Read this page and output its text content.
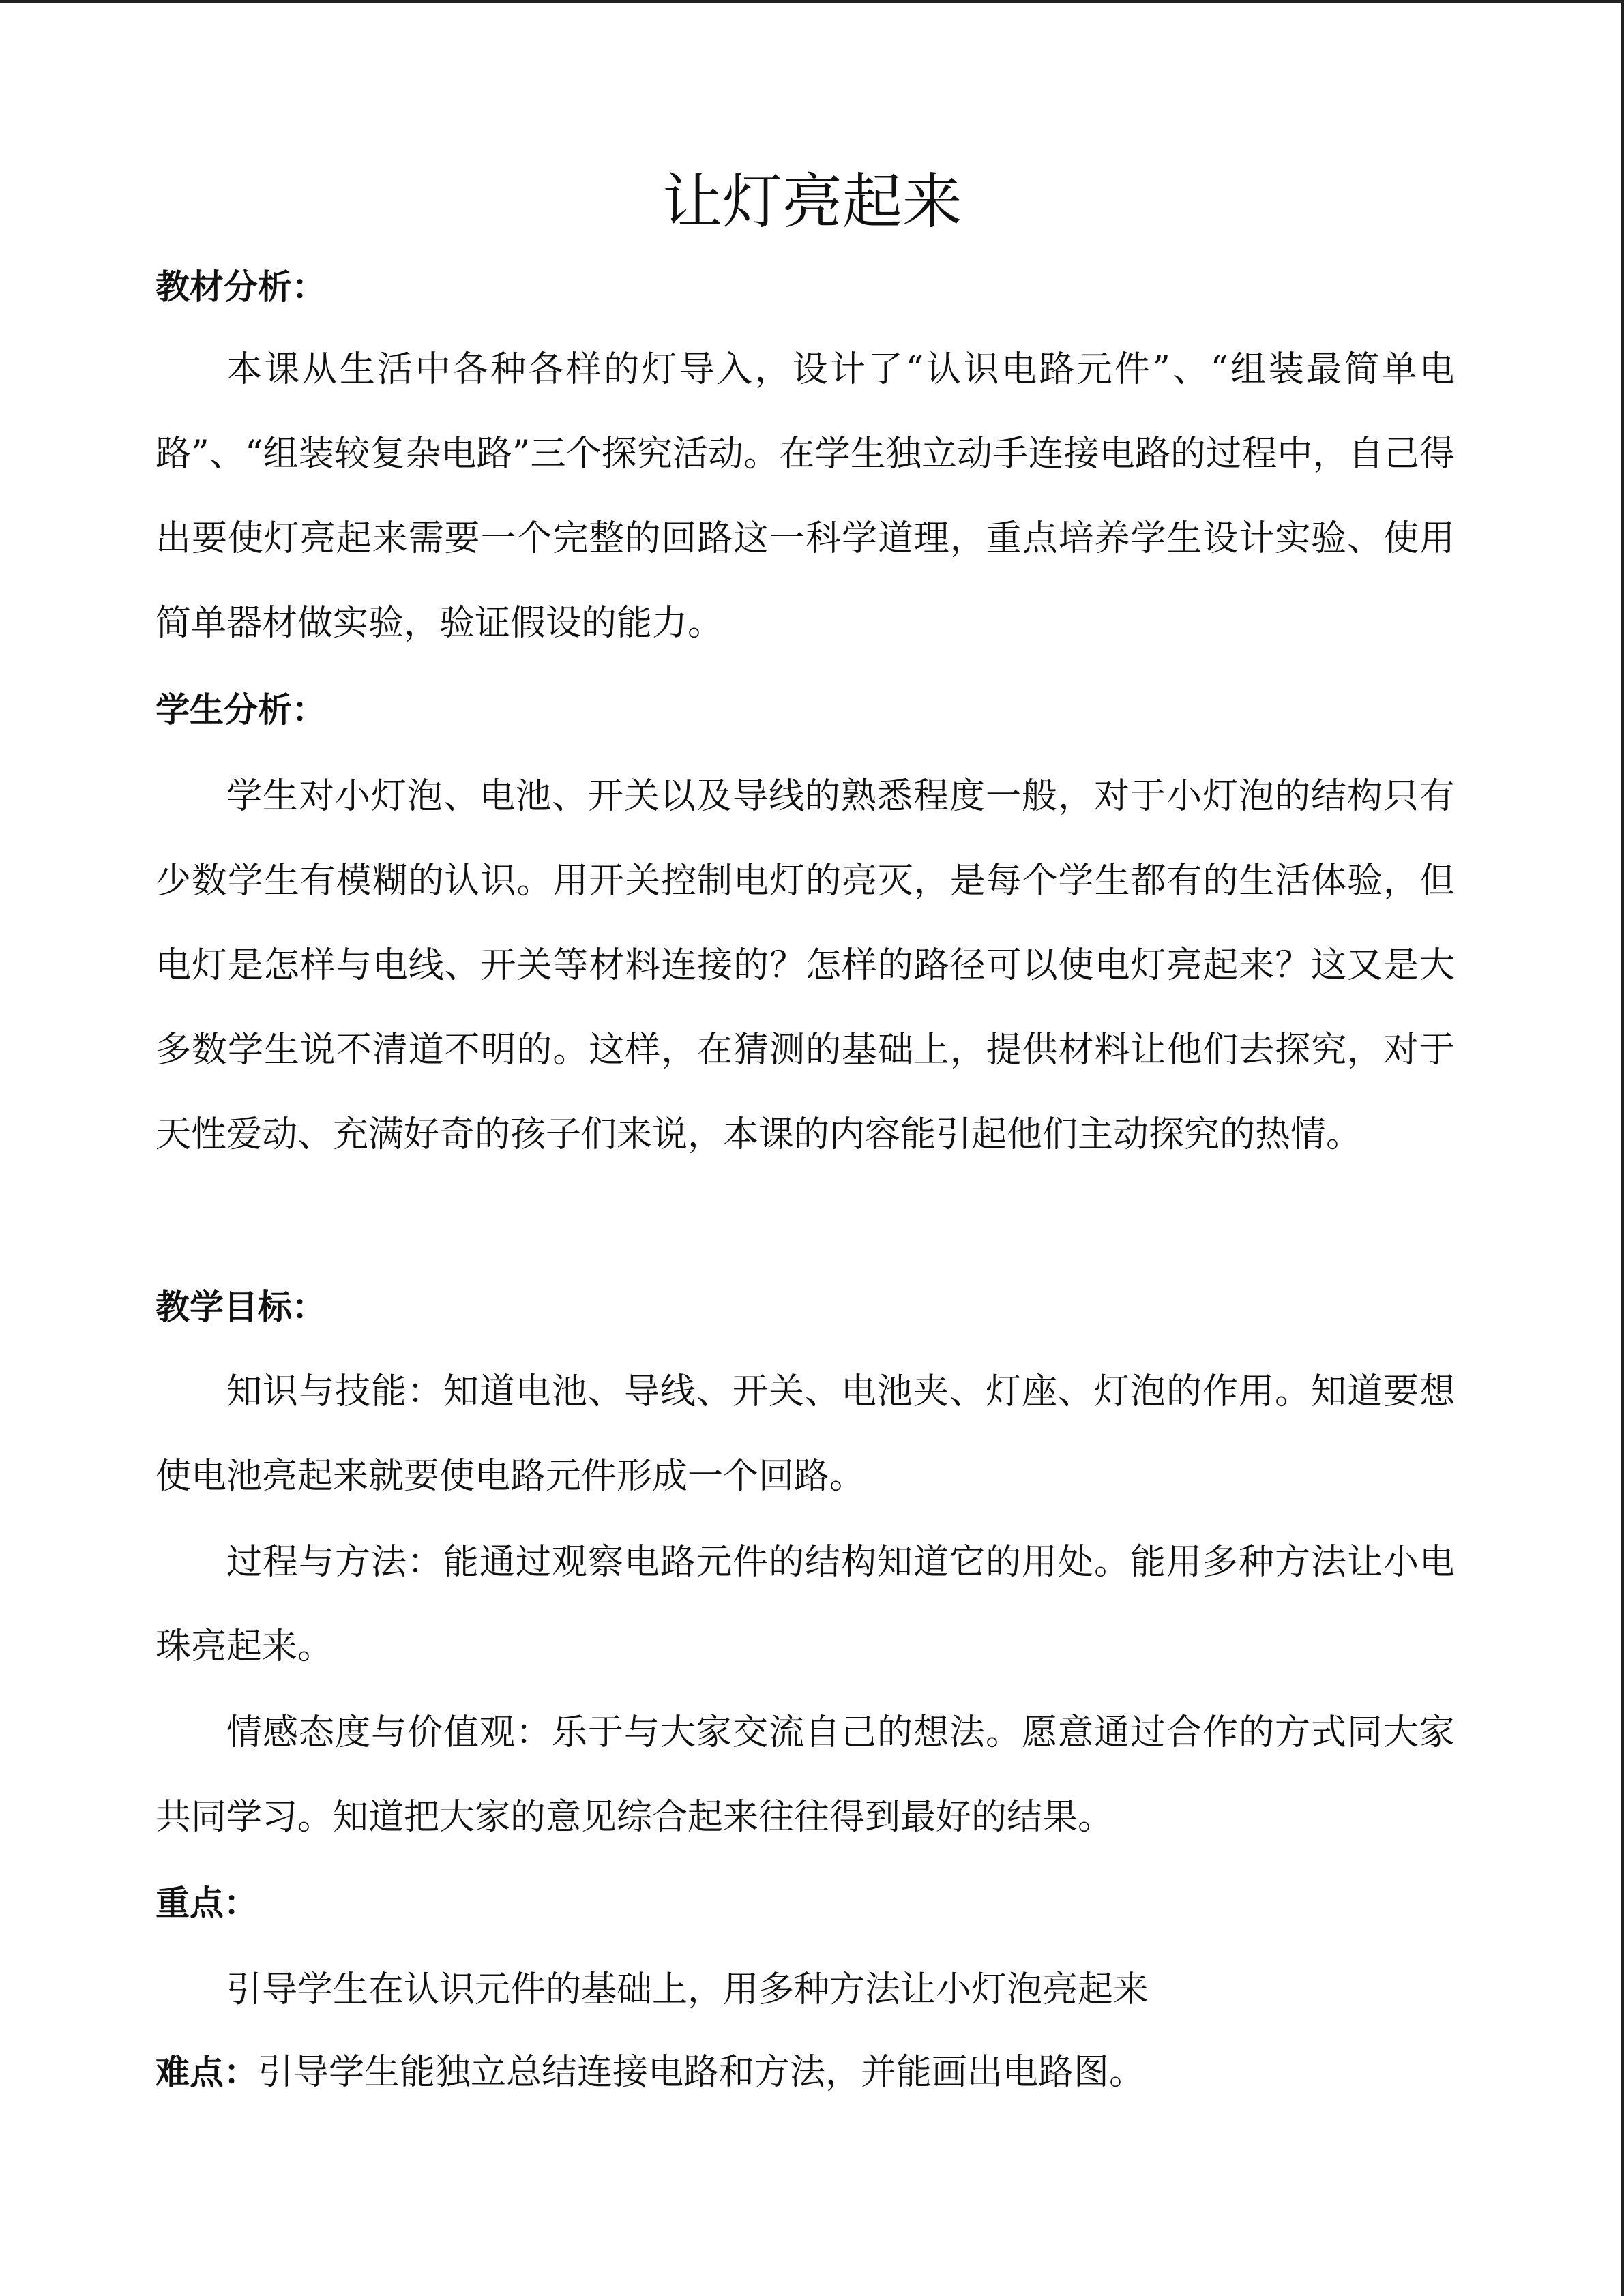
让灯亮起来
教材分析：

本课从生活中各种各样的灯导入，设计了“认识电路元件”、“组装最简单电路”、“组装较复杂电路”三个探究活动。在学生独立动手连接电路的过程中，自己得出要使灯亮起来需要一个完整的回路这一科学道理，重点培养学生设计实验、使用简单器材做实验，验证假设的能力。

学生分析：

学生对小灯泡、电池、开关以及导线的熟悉程度一般，对于小灯泡的结构只有少数学生有模糊的认识。用开关控制电灯的亮灭，是每个学生都有的生活体验，但电灯是怎样与电线、开关等材料连接的？怎样的路径可以使电灯亮起来？这又是大多数学生说不清道不明的。这样，在猜测的基础上，提供材料让他们去探究，对于天性爱动、充满好奇的孩子们来说，本课的内容能引起他们主动探究的热情。

教学目标：

知识与技能：知道电池、导线、开关、电池夹、灯座、灯泡的作用。知道要想使电池亮起来就要使电路元件形成一个回路。

过程与方法：能通过观察电路元件的结构知道它的用处。能用多种方法让小电珠亮起来。

情感态度与价值观：乐于与大家交流自己的想法。愿意通过合作的方式同大家共同学习。知道把大家的意见综合起来往往得到最好的结果。

重点：

引导学生在认识元件的基础上，用多种方法让小灯泡亮起来

难点：引导学生能独立总结连接电路和方法，并能画出电路图。
